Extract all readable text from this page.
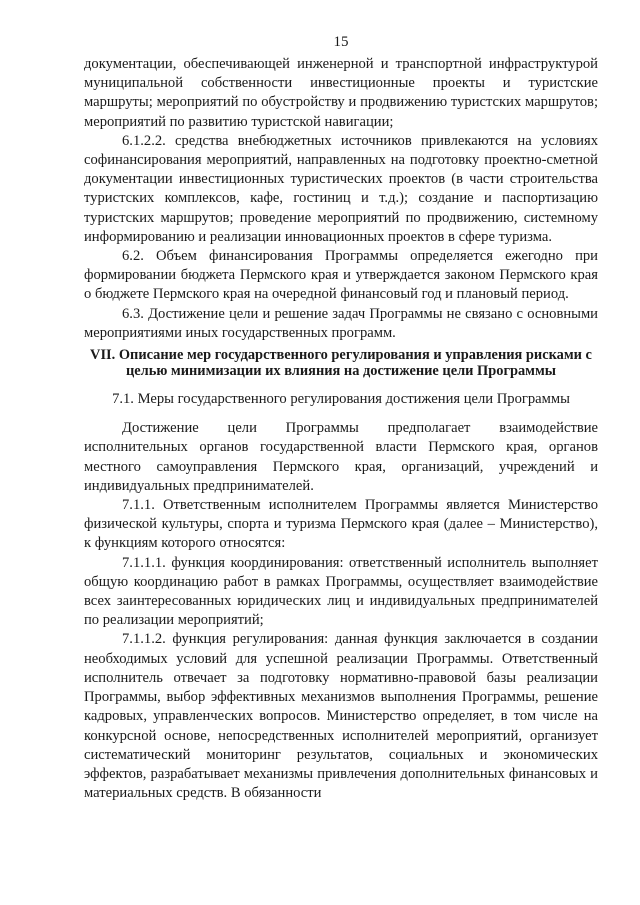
15

документации, обеспечивающей инженерной и транспортной инфраструктурой муниципальной собственности инвестиционные проекты и туристские маршруты; мероприятий по обустройству и продвижению туристских маршрутов; мероприятий по развитию туристской навигации;

6.1.2.2. средства внебюджетных источников привлекаются на условиях софинансирования мероприятий, направленных на подготовку проектно-сметной документации инвестиционных туристических проектов (в части строительства туристских комплексов, кафе, гостиниц и т.д.); создание и паспортизацию туристских маршрутов; проведение мероприятий по продвижению, системному информированию и реализации инновационных проектов в сфере туризма.

6.2. Объем финансирования Программы определяется ежегодно при формировании бюджета Пермского края и утверждается законом Пермского края о бюджете Пермского края на очередной финансовый год и плановый период.

6.3. Достижение цели и решение задач Программы не связано с основными мероприятиями иных государственных программ.

VII. Описание мер государственного регулирования и управления рисками с целью минимизации их влияния на достижение цели Программы

7.1. Меры государственного регулирования достижения цели Программы

Достижение цели Программы предполагает взаимодействие исполнительных органов государственной власти Пермского края, органов местного самоуправления Пермского края, организаций, учреждений и индивидуальных предпринимателей.

7.1.1. Ответственным исполнителем Программы является Министерство физической культуры, спорта и туризма Пермского края (далее – Министерство), к функциям которого относятся:

7.1.1.1. функция координирования: ответственный исполнитель выполняет общую координацию работ в рамках Программы, осуществляет взаимодействие всех заинтересованных юридических лиц и индивидуальных предпринимателей по реализации мероприятий;

7.1.1.2. функция регулирования: данная функция заключается в создании необходимых условий для успешной реализации Программы. Ответственный исполнитель отвечает за подготовку нормативно-правовой базы реализации Программы, выбор эффективных механизмов выполнения Программы, решение кадровых, управленческих вопросов. Министерство определяет, в том числе на конкурсной основе, непосредственных исполнителей мероприятий, организует систематический мониторинг результатов, социальных и экономических эффектов, разрабатывает механизмы привлечения дополнительных финансовых и материальных средств. В обязанности
